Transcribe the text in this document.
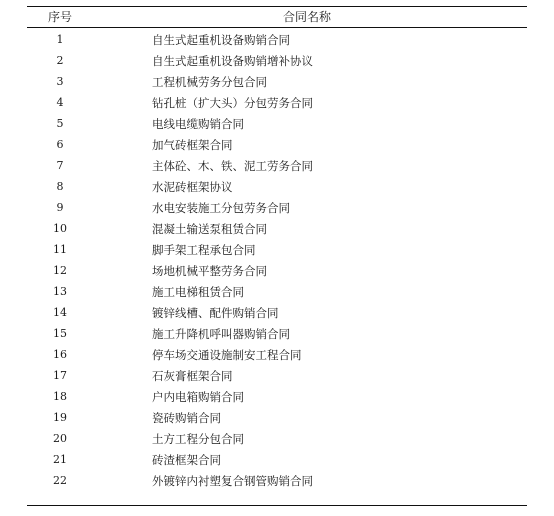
序号	合同名称
1	自生式起重机设备购销合同
2	自生式起重机设备购销增补协议
3	工程机械劳务分包合同
4	钻孔桩（扩大头）分包劳务合同
5	电线电缆购销合同
6	加气砖框架合同
7	主体砼、木、铁、泥工劳务合同
8	水泥砖框架协议
9	水电安装施工分包劳务合同
10	混凝土输送泵租赁合同
11	脚手架工程承包合同
12	场地机械平整劳务合同
13	施工电梯租赁合同
14	镀锌线槽、配件购销合同
15	施工升降机呼叫器购销合同
16	停车场交通设施制安工程合同
17	石灰膏框架合同
18	户内电箱购销合同
19	瓷砖购销合同
20	土方工程分包合同
21	砖渣框架合同
22	外镀锌内衬塑复合钢管购销合同
